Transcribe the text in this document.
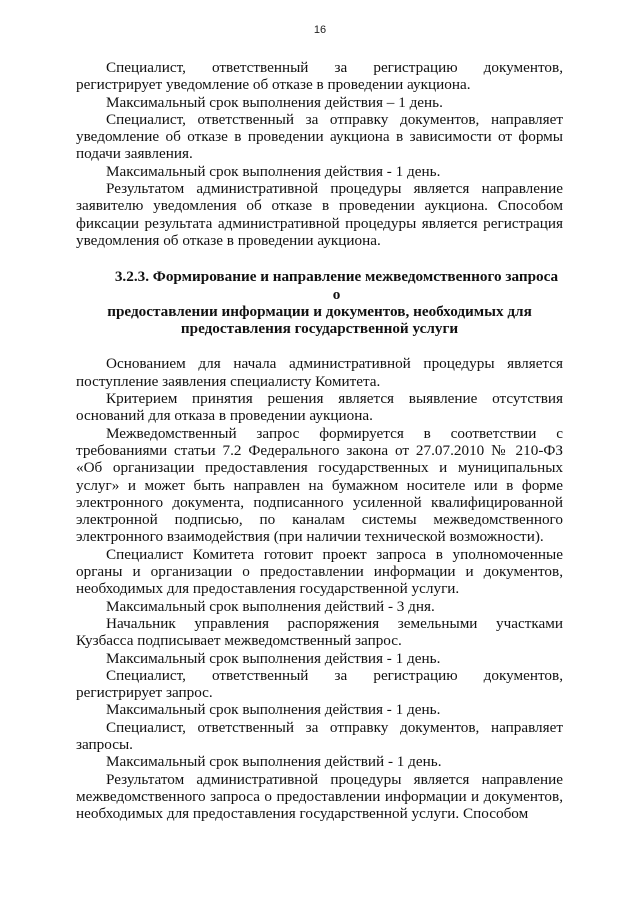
16

Специалист, ответственный за регистрацию документов, регистрирует уведомление об отказе в проведении аукциона.

Максимальный срок выполнения действия – 1 день.

Специалист, ответственный за отправку документов, направляет уведомление об отказе в проведении аукциона в зависимости от формы подачи заявления.

Максимальный срок выполнения действия - 1 день.

Результатом административной процедуры является направление заявителю уведомления об отказе в проведении аукциона. Способом фиксации результата административной процедуры является регистрация уведомления об отказе в проведении аукциона.

3.2.3. Формирование и направление межведомственного запроса о
предоставлении информации и документов, необходимых для
предоставления государственной услуги

Основанием для начала административной процедуры является поступление заявления специалисту Комитета.

Критерием принятия решения является выявление отсутствия оснований для отказа в проведении аукциона.

Межведомственный запрос формируется в соответствии с требованиями статьи 7.2 Федерального закона от 27.07.2010 № 210-ФЗ «Об организации предоставления государственных и муниципальных услуг» и может быть направлен на бумажном носителе или в форме электронного документа, подписанного усиленной квалифицированной электронной подписью, по каналам системы межведомственного электронного взаимодействия (при наличии технической возможности).

Специалист Комитета готовит проект запроса в уполномоченные органы и организации о предоставлении информации и документов, необходимых для предоставления государственной услуги.

Максимальный срок выполнения действий - 3 дня.

Начальник управления распоряжения земельными участками Кузбасса подписывает межведомственный запрос.

Максимальный срок выполнения действия - 1 день.

Специалист, ответственный за регистрацию документов, регистрирует запрос.

Максимальный срок выполнения действия - 1 день.

Специалист, ответственный за отправку документов, направляет запросы.

Максимальный срок выполнения действий - 1 день.

Результатом административной процедуры является направление межведомственного запроса о предоставлении информации и документов, необходимых для предоставления государственной услуги. Способом
